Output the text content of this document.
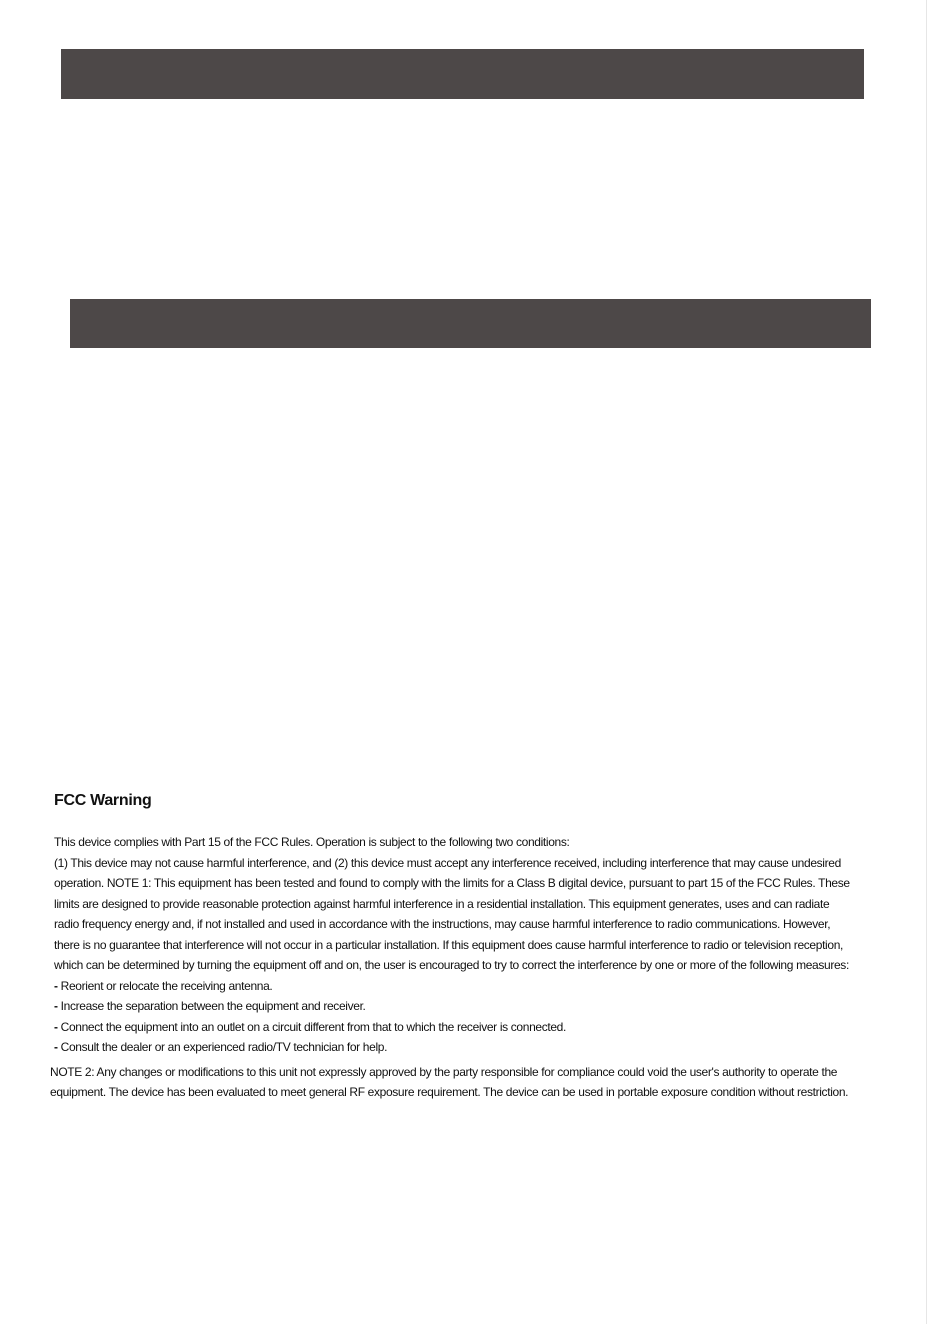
FCC Warning

This device complies with Part 15 of the FCC Rules. Operation is subject to the following two conditions:
(1) This device may not cause harmful interference, and (2) this device must accept any interference received, including interference that may cause undesired operation. NOTE 1: This equipment has been tested and found to comply with the limits for a Class B digital device, pursuant to part 15 of the FCC Rules. These limits are designed to provide reasonable protection against harmful interference in a residential installation. This equipment generates, uses and can radiate radio frequency energy and, if not installed and used in accordance with the instructions, may cause harmful interference to radio communications. However, there is no guarantee that interference will not occur in a particular installation. If this equipment does cause harmful interference to radio or television reception, which can be determined by turning the equipment off and on, the user is encouraged to try to correct the interference by one or more of the following measures:

- Reorient or relocate the receiving antenna.
- Increase the separation between the equipment and receiver.
- Connect the equipment into an outlet on a circuit different from that to which the receiver is connected.
- Consult the dealer or an experienced radio/TV technician for help.

NOTE 2: Any changes or modifications to this unit not expressly approved by the party responsible for compliance could void the user's authority to operate the equipment. The device has been evaluated to meet general RF exposure requirement. The device can be used in portable exposure condition without restriction.
